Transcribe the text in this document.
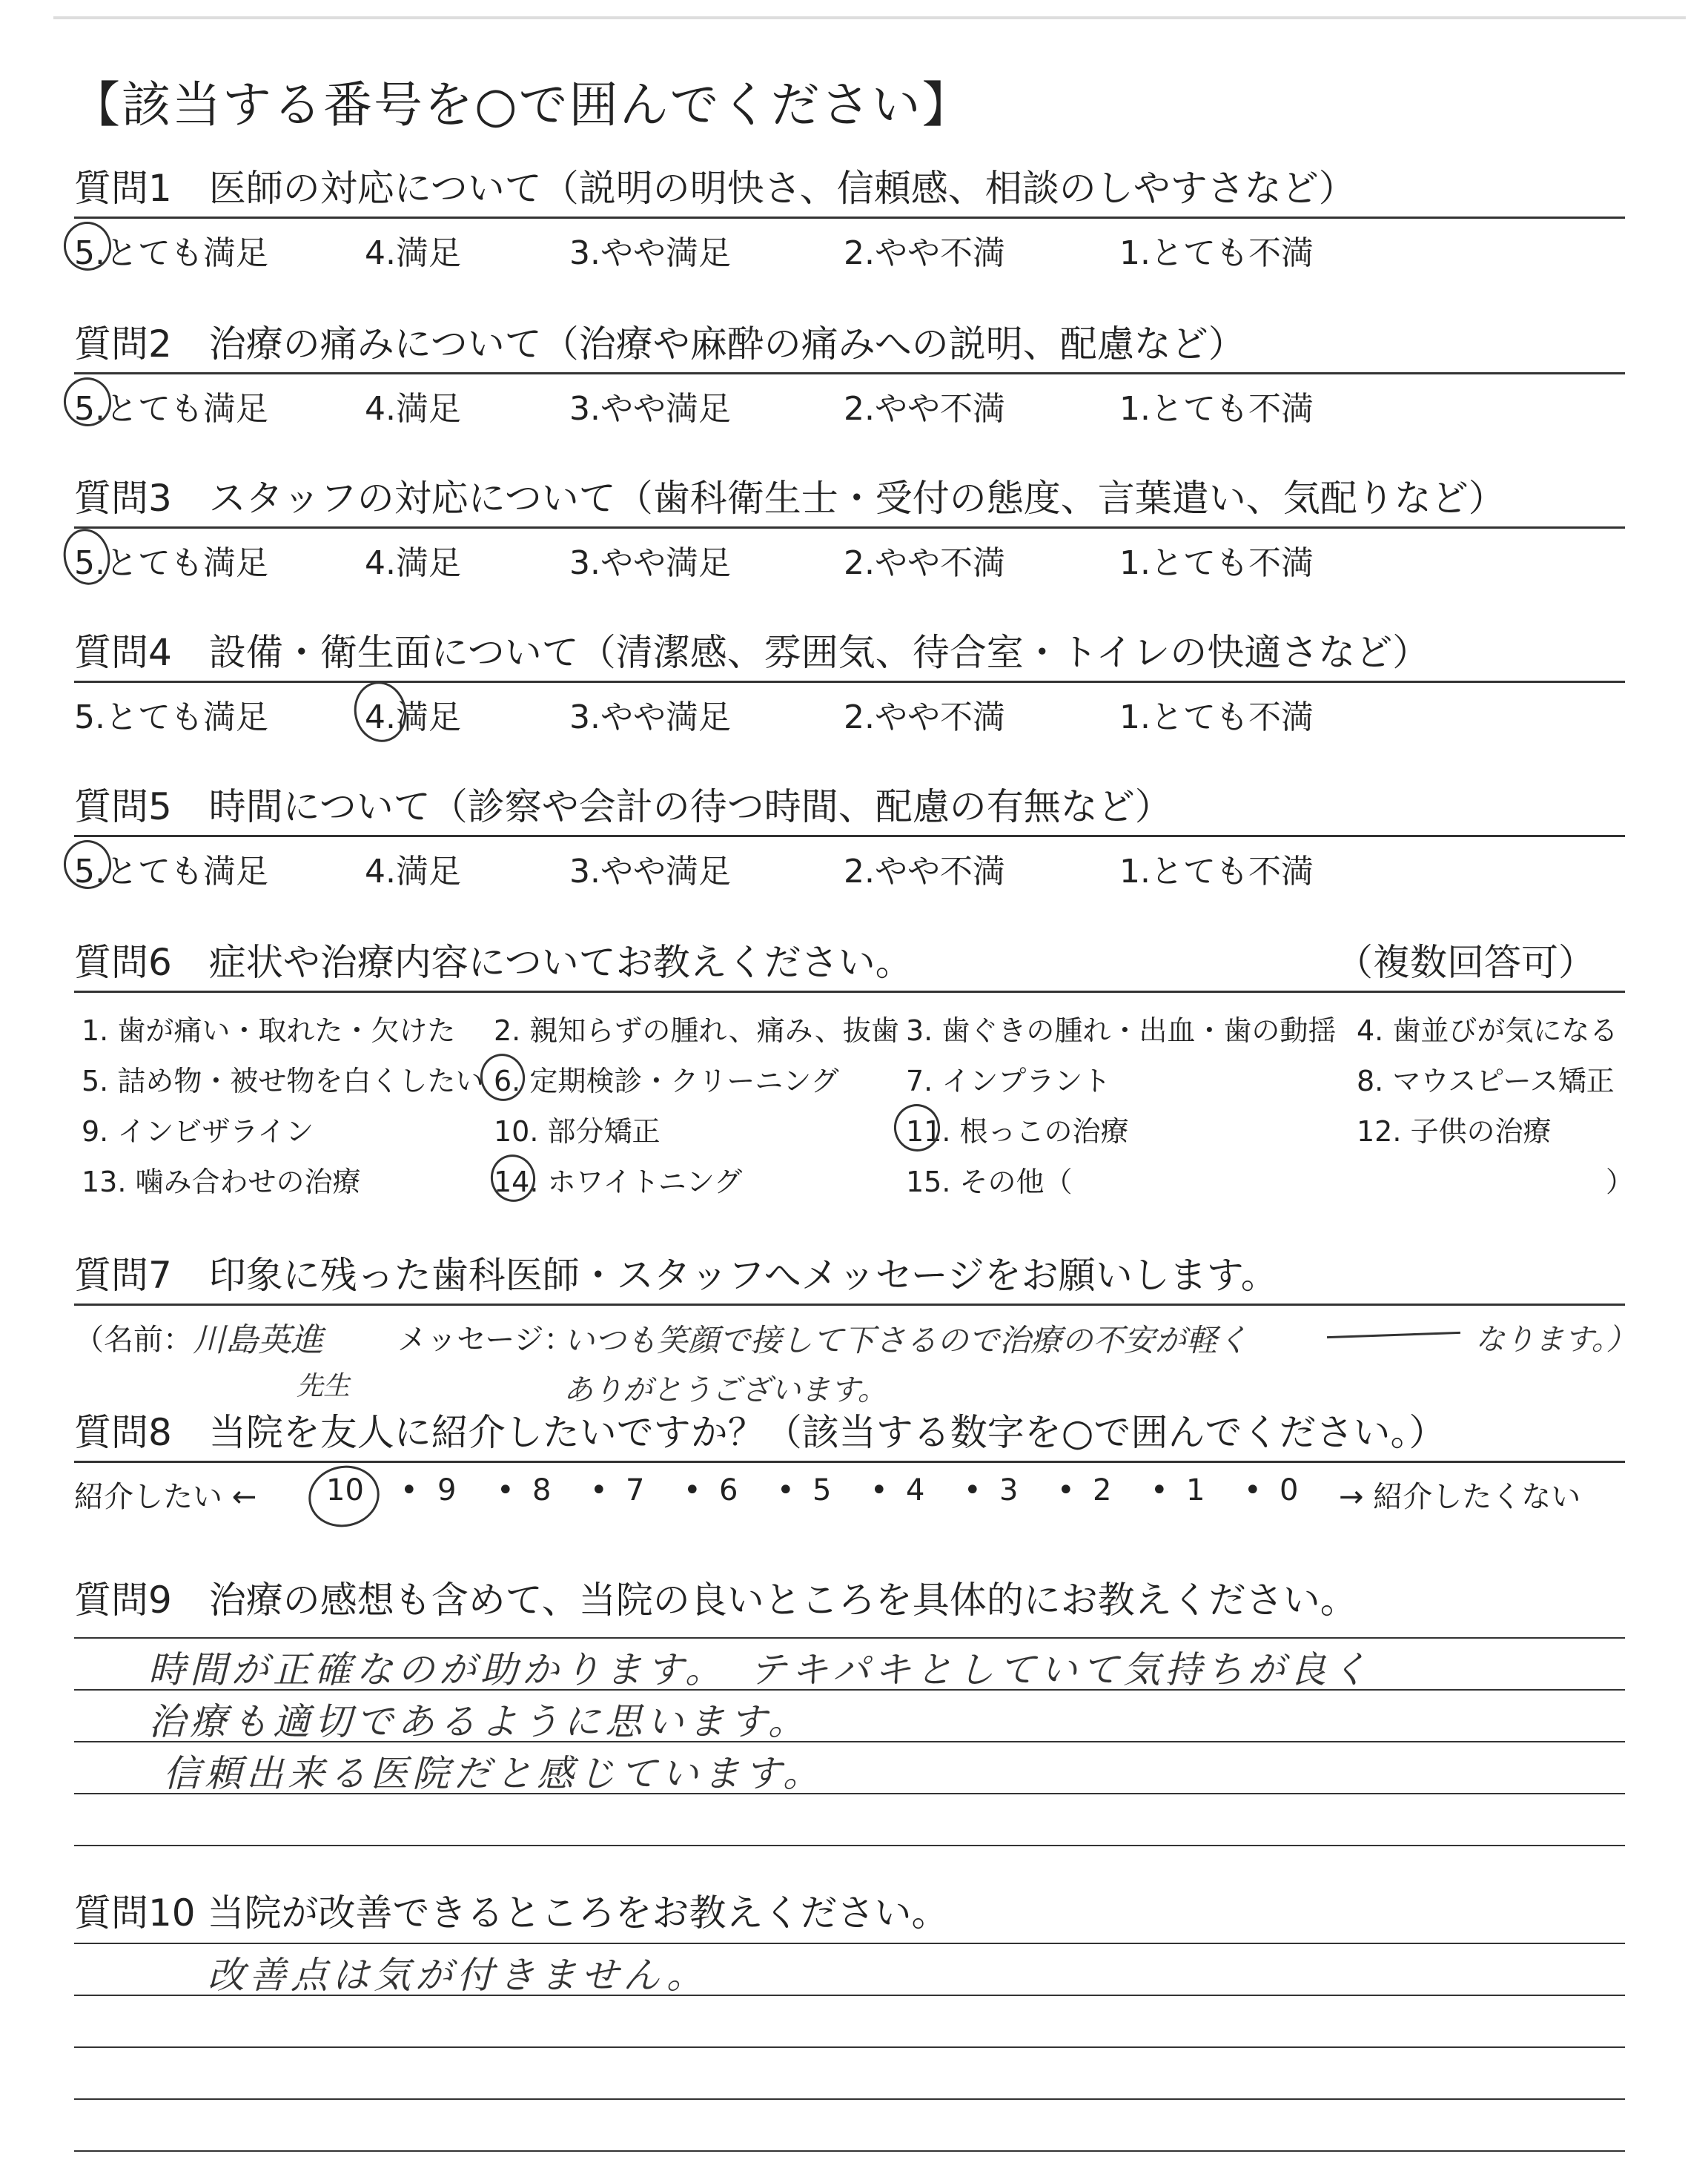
【該当する番号を○で囲んでください】
質問1　医師の対応について（説明の明快さ、信頼感、相談のしやすさなど）
5.とても満足	4.満足	3.やや満足	2.やや不満	1.とても不満
質問2　治療の痛みについて（治療や麻酔の痛みへの説明、配慮など）
5.とても満足	4.満足	3.やや満足	2.やや不満	1.とても不満
質問3　スタッフの対応について（歯科衛生士・受付の態度、言葉遣い、気配りなど）
5.とても満足	4.満足	3.やや満足	2.やや不満	1.とても不満
質問4　設備・衛生面について（清潔感、雰囲気、待合室・トイレの快適さなど）
5.とても満足	4.満足	3.やや満足	2.やや不満	1.とても不満
質問5　時間について（診察や会計の待つ時間、配慮の有無など）
5.とても満足	4.満足	3.やや満足	2.やや不満	1.とても不満
質問6　症状や治療内容についてお教えください。	（複数回答可）
1. 歯が痛い・取れた・欠けた 2. 親知らずの腫れ、痛み、抜歯 3. 歯ぐきの腫れ・出血・歯の動揺 4. 歯並びが気になる
5. 詰め物・被せ物を白くしたい 6. 定期検診・クリーニング 7. インプラント	8. マウスピース矯正
9. インビザライン	10. 部分矯正	11. 根っこの治療	12. 子供の治療
13. 噛み合わせの治療	14. ホワイトニング	15. その他（	）
質問7　印象に残った歯科医師・スタッフへメッセージをお願いします。
（名前： 川島英進
先生
メッセージ：
いつも笑顔で接して下さるので治療の不安が軽く	なります。）
ありがとうございます。
質問8　当院を友人に紹介したいですか？（該当する数字を○で囲んでください。）
紹介したい ← 10 • 9 • 8 • 7 • 6 • 5 • 4 • 3 • 2 • 1 • 0 → 紹介したくない
質問9　治療の感想も含めて、当院の良いところを具体的にお教えください。
時間が正確なのが助かります。　テキパキとしていて気持ちが良く
治療も適切であるように思います。
信頼出来る医院だと感じています。
質問10 当院が改善できるところをお教えください。
改善点は気が付きません。
